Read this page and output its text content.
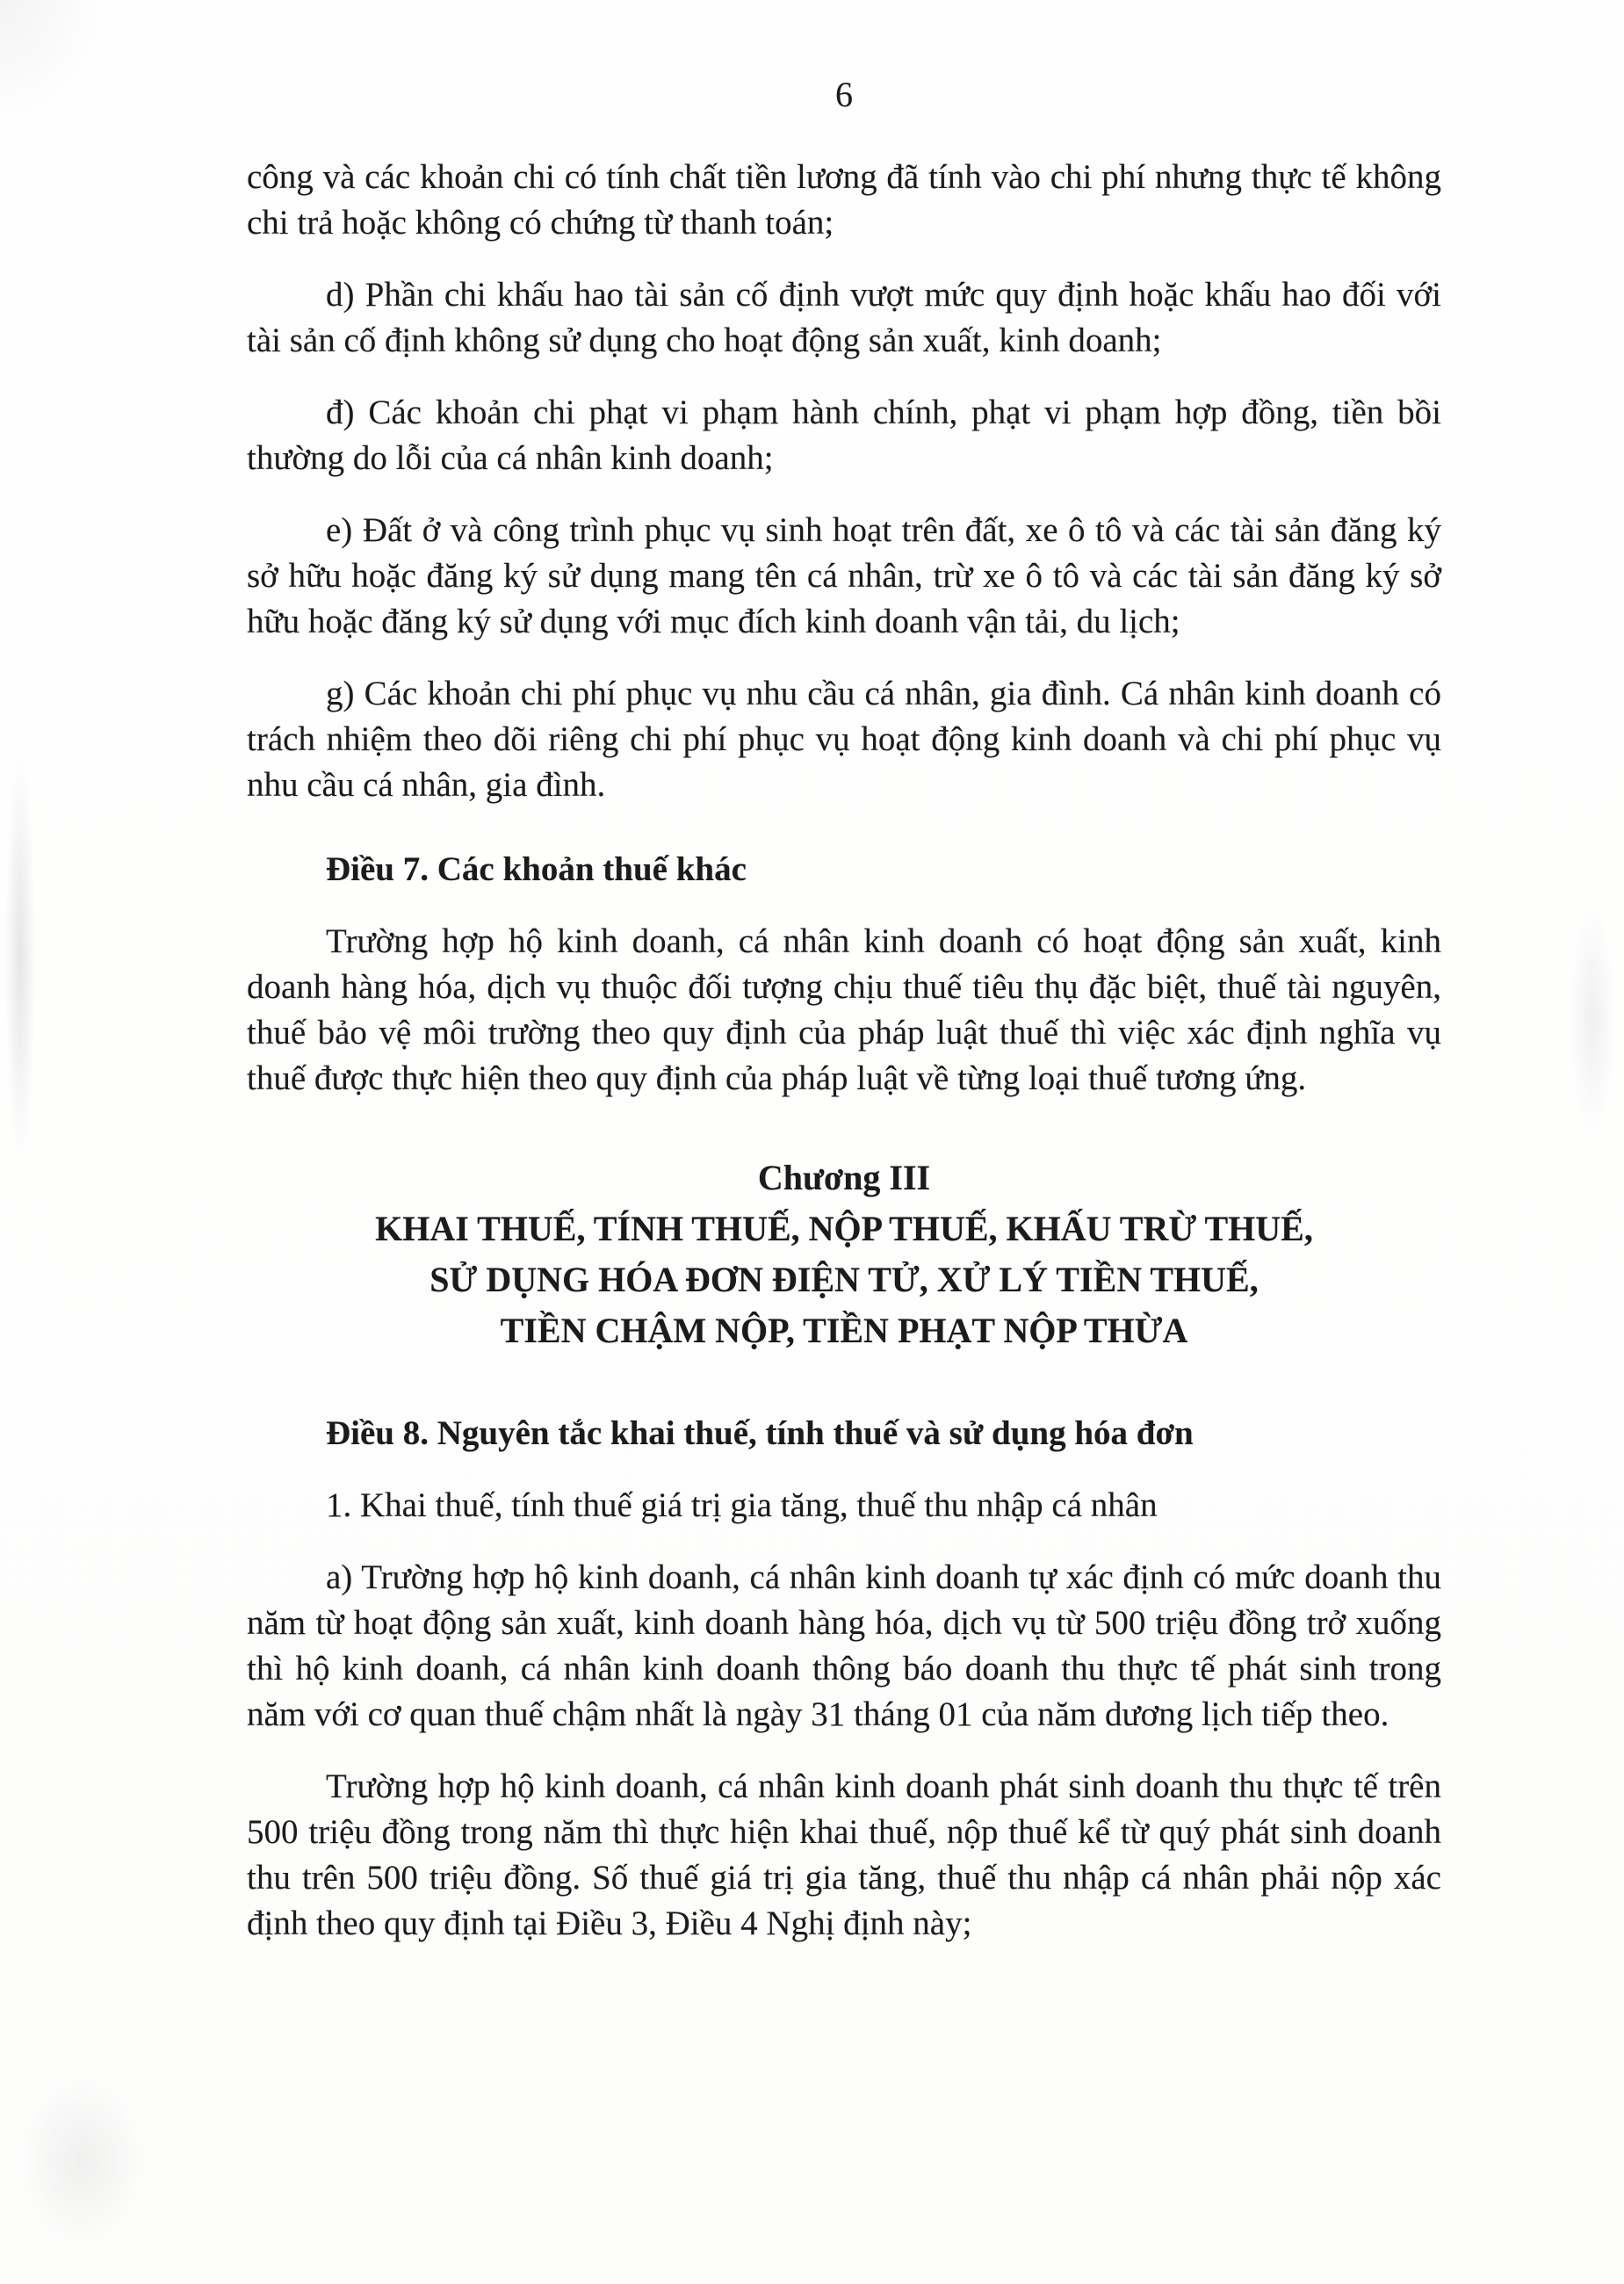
6

công và các khoản chi có tính chất tiền lương đã tính vào chi phí nhưng thực tế không chi trả hoặc không có chứng từ thanh toán;

d) Phần chi khấu hao tài sản cố định vượt mức quy định hoặc khấu hao đối với tài sản cố định không sử dụng cho hoạt động sản xuất, kinh doanh;

đ) Các khoản chi phạt vi phạm hành chính, phạt vi phạm hợp đồng, tiền bồi thường do lỗi của cá nhân kinh doanh;

e) Đất ở và công trình phục vụ sinh hoạt trên đất, xe ô tô và các tài sản đăng ký sở hữu hoặc đăng ký sử dụng mang tên cá nhân, trừ xe ô tô và các tài sản đăng ký sở hữu hoặc đăng ký sử dụng với mục đích kinh doanh vận tải, du lịch;

g) Các khoản chi phí phục vụ nhu cầu cá nhân, gia đình. Cá nhân kinh doanh có trách nhiệm theo dõi riêng chi phí phục vụ hoạt động kinh doanh và chi phí phục vụ nhu cầu cá nhân, gia đình.

Điều 7. Các khoản thuế khác

Trường hợp hộ kinh doanh, cá nhân kinh doanh có hoạt động sản xuất, kinh doanh hàng hóa, dịch vụ thuộc đối tượng chịu thuế tiêu thụ đặc biệt, thuế tài nguyên, thuế bảo vệ môi trường theo quy định của pháp luật thuế thì việc xác định nghĩa vụ thuế được thực hiện theo quy định của pháp luật về từng loại thuế tương ứng.

Chương III
KHAI THUẾ, TÍNH THUẾ, NỘP THUẾ, KHẤU TRỪ THUẾ,
SỬ DỤNG HÓA ĐƠN ĐIỆN TỬ, XỬ LÝ TIỀN THUẾ,
TIỀN CHẬM NỘP, TIỀN PHẠT NỘP THỪA
Điều 8. Nguyên tắc khai thuế, tính thuế và sử dụng hóa đơn

1. Khai thuế, tính thuế giá trị gia tăng, thuế thu nhập cá nhân

a) Trường hợp hộ kinh doanh, cá nhân kinh doanh tự xác định có mức doanh thu năm từ hoạt động sản xuất, kinh doanh hàng hóa, dịch vụ từ 500 triệu đồng trở xuống thì hộ kinh doanh, cá nhân kinh doanh thông báo doanh thu thực tế phát sinh trong năm với cơ quan thuế chậm nhất là ngày 31 tháng 01 của năm dương lịch tiếp theo.

Trường hợp hộ kinh doanh, cá nhân kinh doanh phát sinh doanh thu thực tế trên 500 triệu đồng trong năm thì thực hiện khai thuế, nộp thuế kể từ quý phát sinh doanh thu trên 500 triệu đồng. Số thuế giá trị gia tăng, thuế thu nhập cá nhân phải nộp xác định theo quy định tại Điều 3, Điều 4 Nghị định này;
